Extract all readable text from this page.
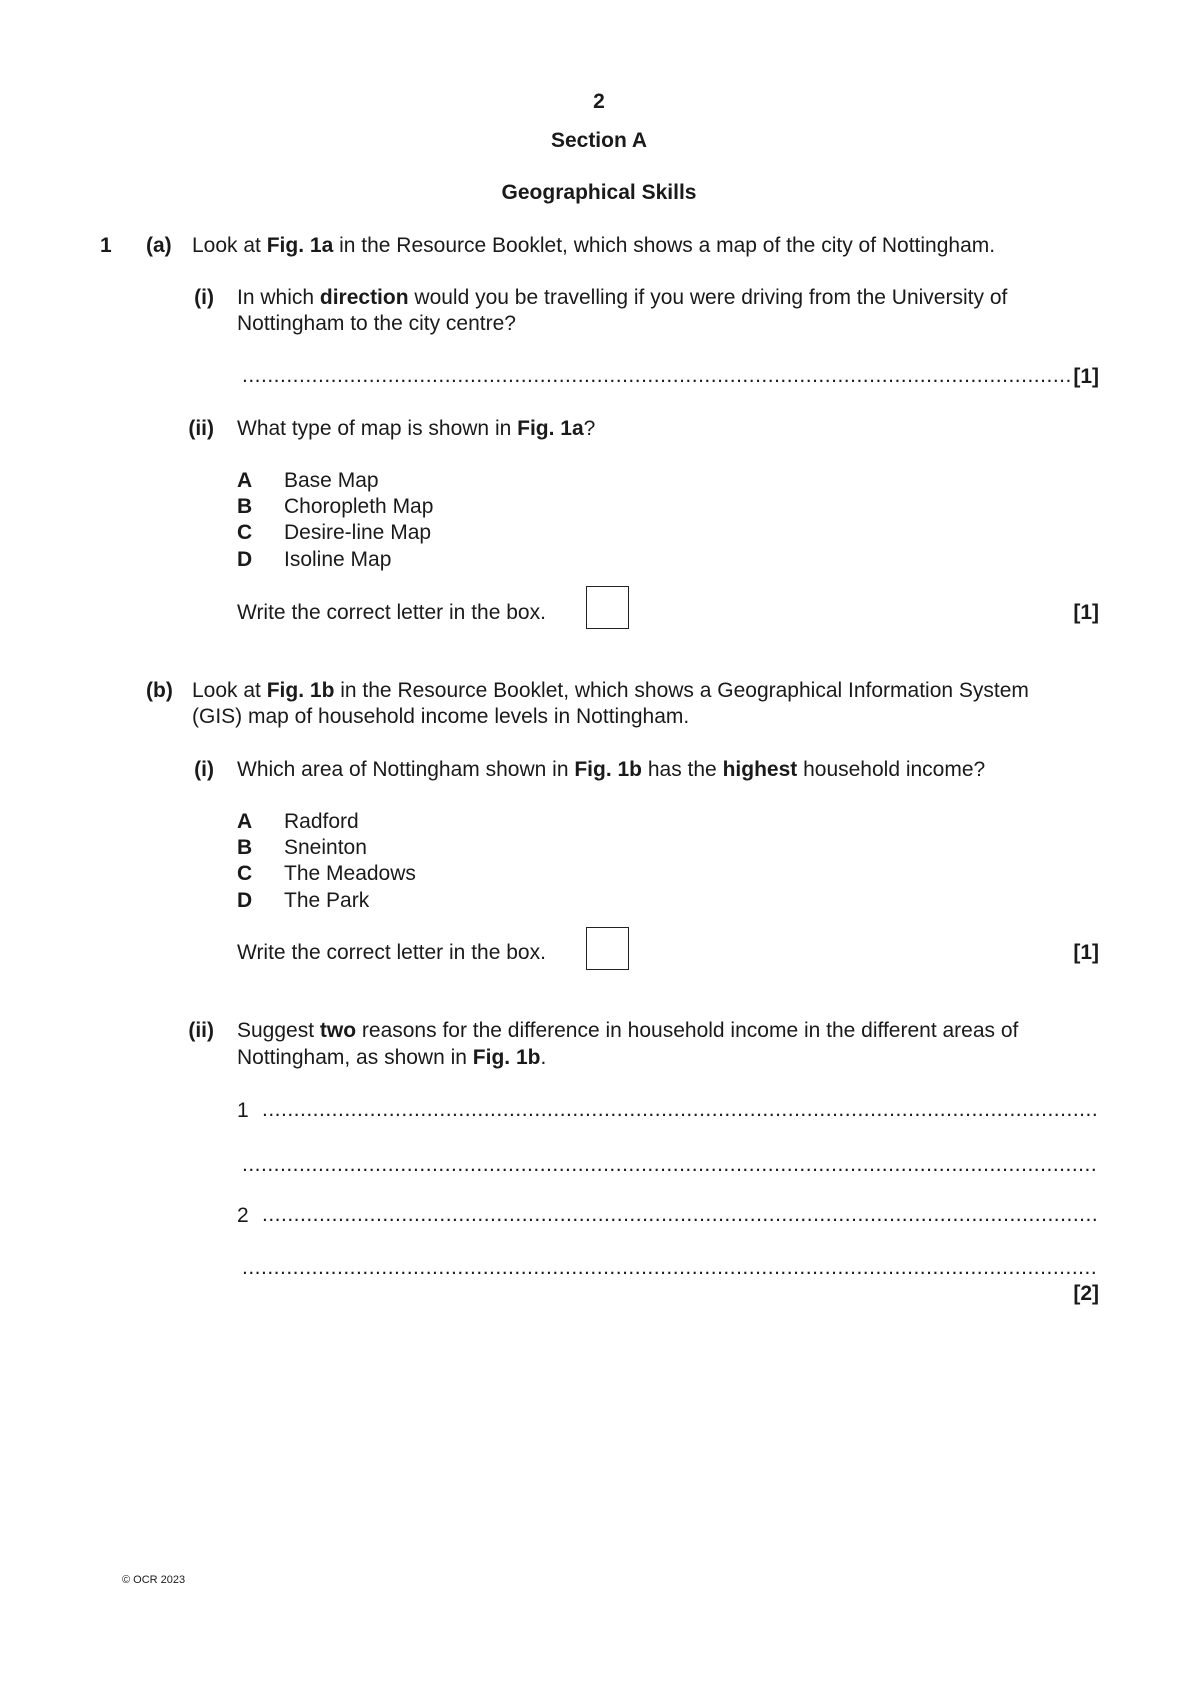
2
Section A
Geographical Skills
1 (a) Look at Fig. 1a in the Resource Booklet, which shows a map of the city of Nottingham.
(i) In which direction would you be travelling if you were driving from the University of
Nottingham to the city centre?
.....
[1]
(ii) What type of map is shown in Fig. 1a?
A Base Map
B Choropleth Map
C Desire-line Map
D Isoline Map
Write the correct letter in the box.	[1]
(b) Look at Fig. 1b in the Resource Booklet, which shows a Geographical Information System
(GIS) map of household income levels in Nottingham.
(i) Which area of Nottingham shown in Fig. 1b has the highest household income?
A Radford
B Sneinton
C The Meadows
D The Park
Write the correct letter in the box.	[1]
(ii) Suggest two reasons for the difference in household income in the different areas of
Nottingham, as shown in Fig. 1b.
1
.....
.....
2
.....
.....
[2]
© OCR 2023
